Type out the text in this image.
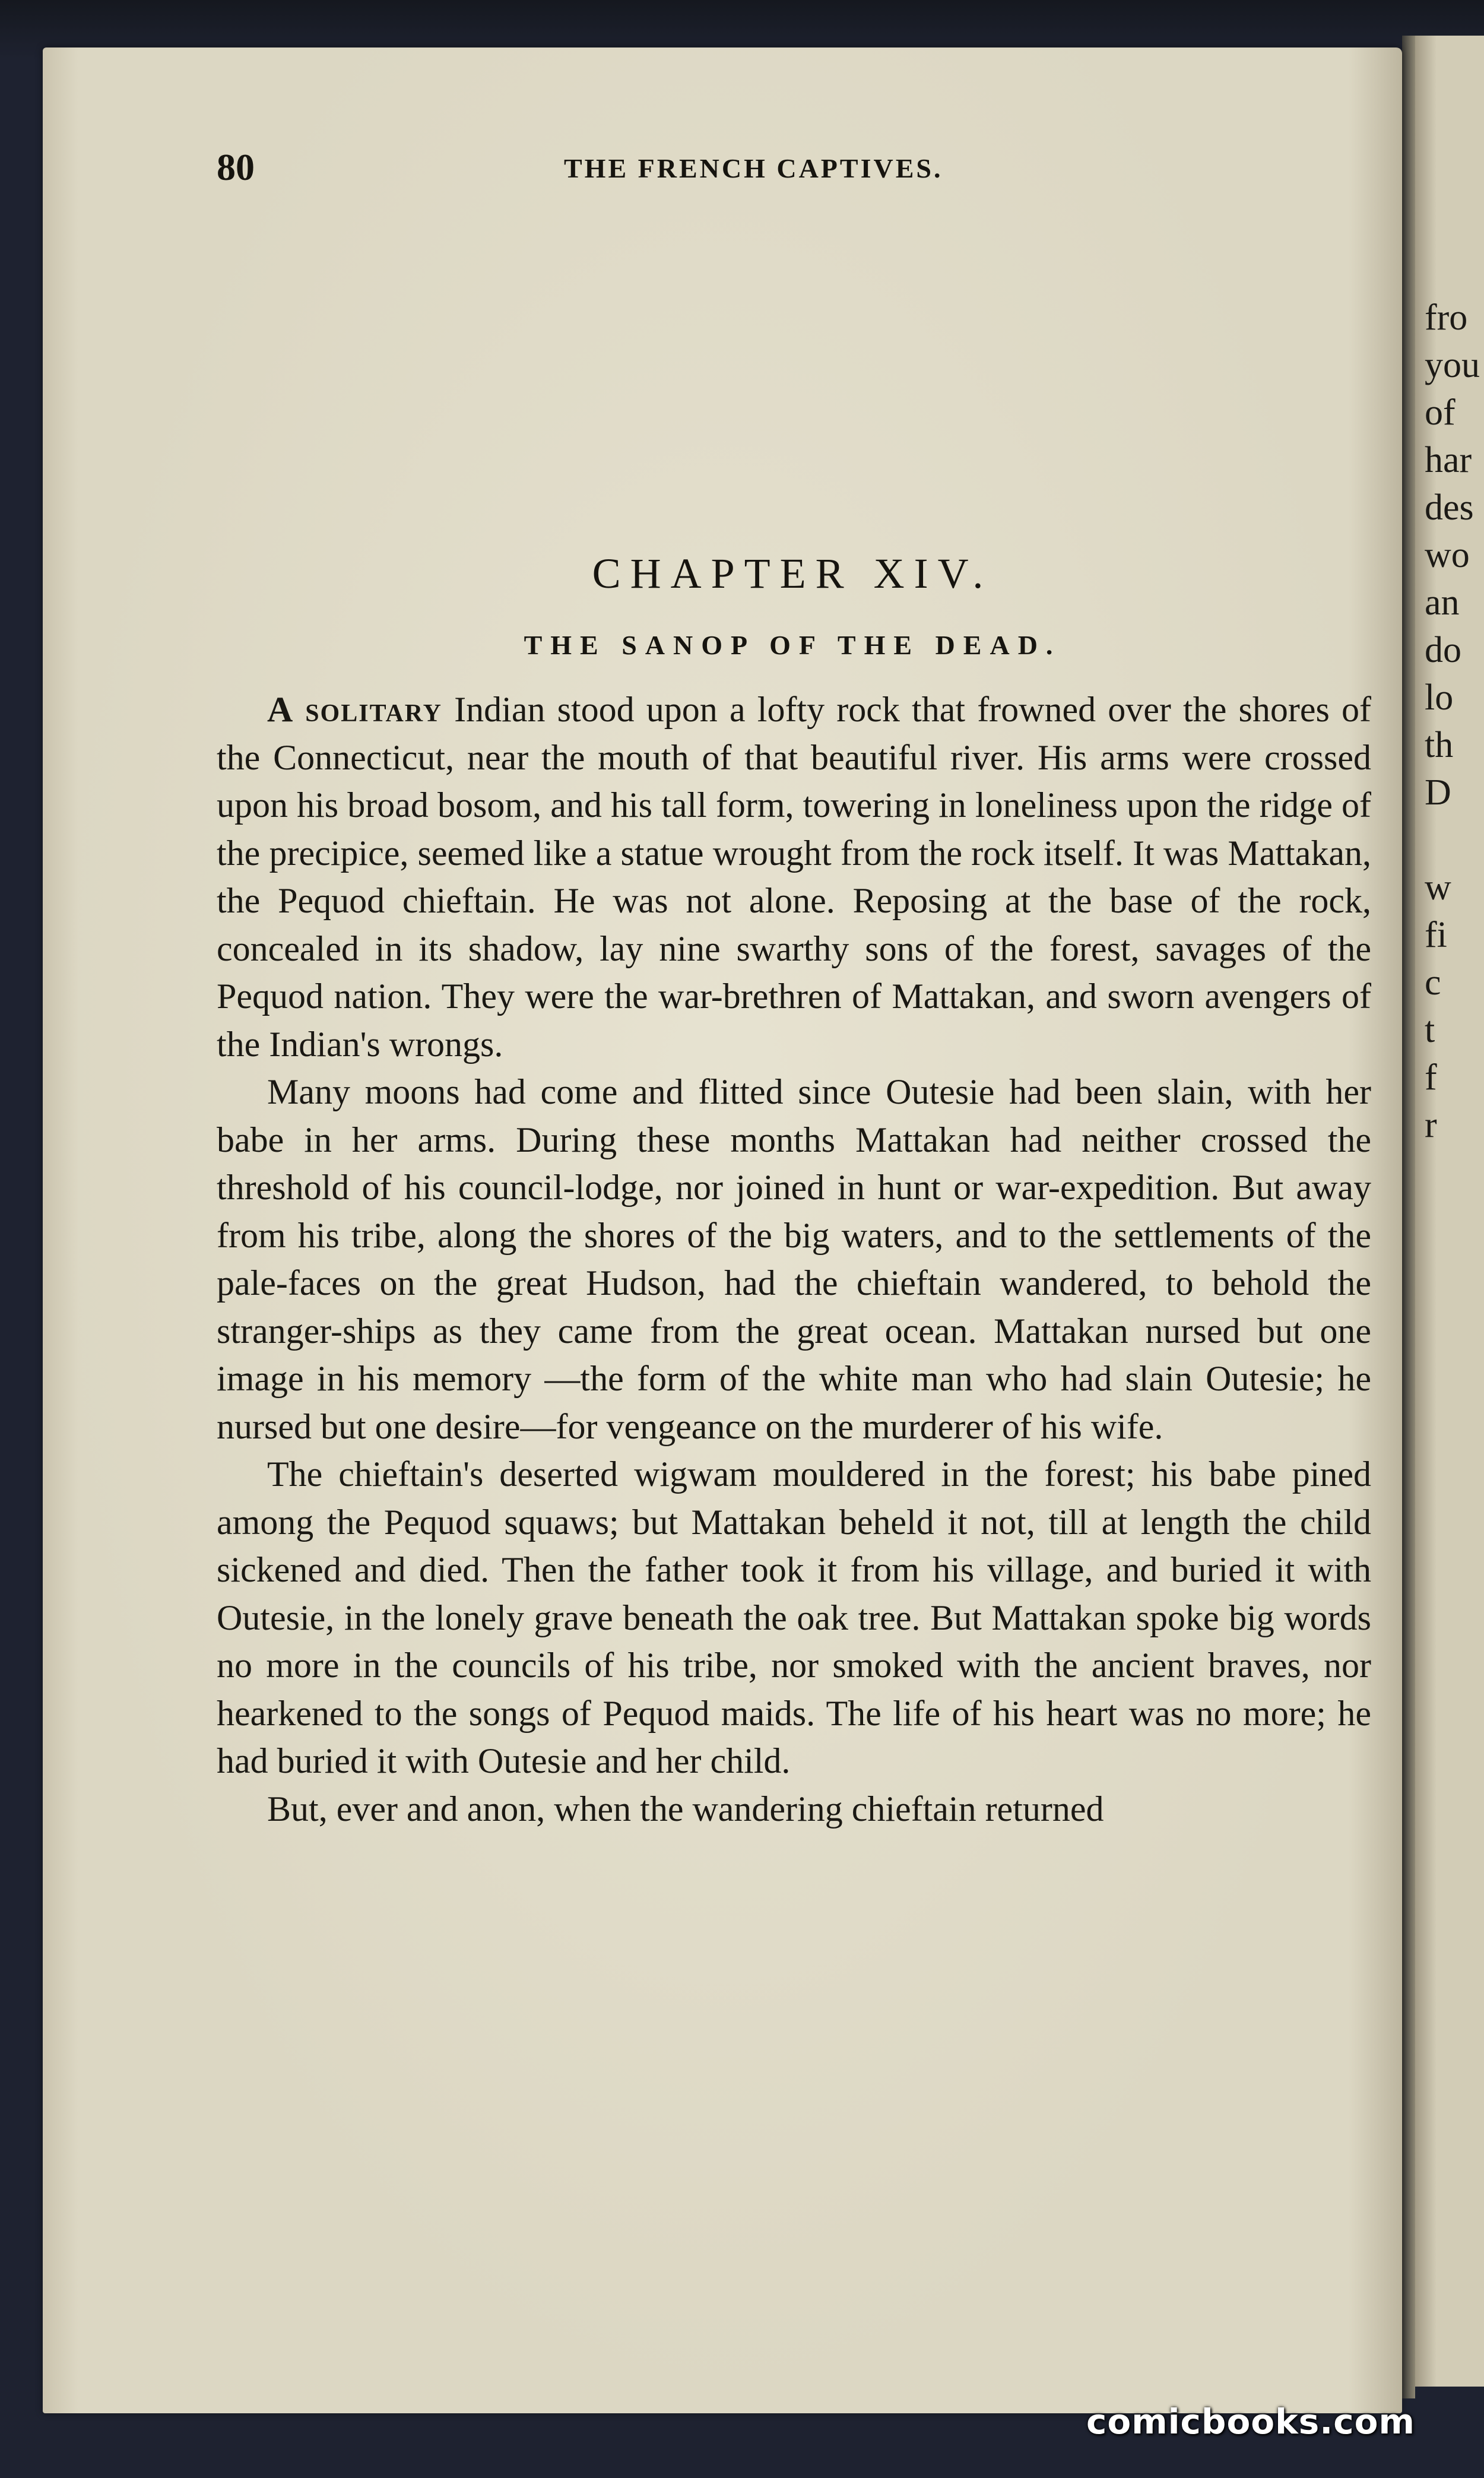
fro
you
of
har
des
wo
an
do
lo
th
D
w
fi
c
t
f
r
80	THE FRENCH CAPTIVES.
CHAPTER XIV.
THE SANOP OF THE DEAD.

A solitary Indian stood upon a lofty rock that frowned over the shores of the Connecticut, near the mouth of that beautiful river. His arms were crossed upon his broad bosom, and his tall form, towering in loneliness upon the ridge of the precipice, seemed like a statue wrought from the rock itself. It was Mattakan, the Pequod chieftain. He was not alone. Reposing at the base of the rock, concealed in its shadow, lay nine swarthy sons of the forest, savages of the Pequod nation. They were the war-brethren of Mattakan, and sworn avengers of the Indian's wrongs.

Many moons had come and flitted since Outesie had been slain, with her babe in her arms. During these months Mattakan had neither crossed the threshold of his council-lodge, nor joined in hunt or war-expedition. But away from his tribe, along the shores of the big waters, and to the settlements of the pale-faces on the great Hudson, had the chieftain wandered, to behold the stranger-ships as they came from the great ocean. Mattakan nursed but one image in his memory —the form of the white man who had slain Outesie; he nursed but one desire—for vengeance on the murderer of his wife.

The chieftain's deserted wigwam mouldered in the forest; his babe pined among the Pequod squaws; but Mattakan beheld it not, till at length the child sickened and died. Then the father took it from his village, and buried it with Outesie, in the lonely grave beneath the oak tree. But Mattakan spoke big words no more in the councils of his tribe, nor smoked with the ancient braves, nor hearkened to the songs of Pequod maids. The life of his heart was no more; he had buried it with Outesie and her child.

But, ever and anon, when the wandering chieftain returned

comicbooks.com
